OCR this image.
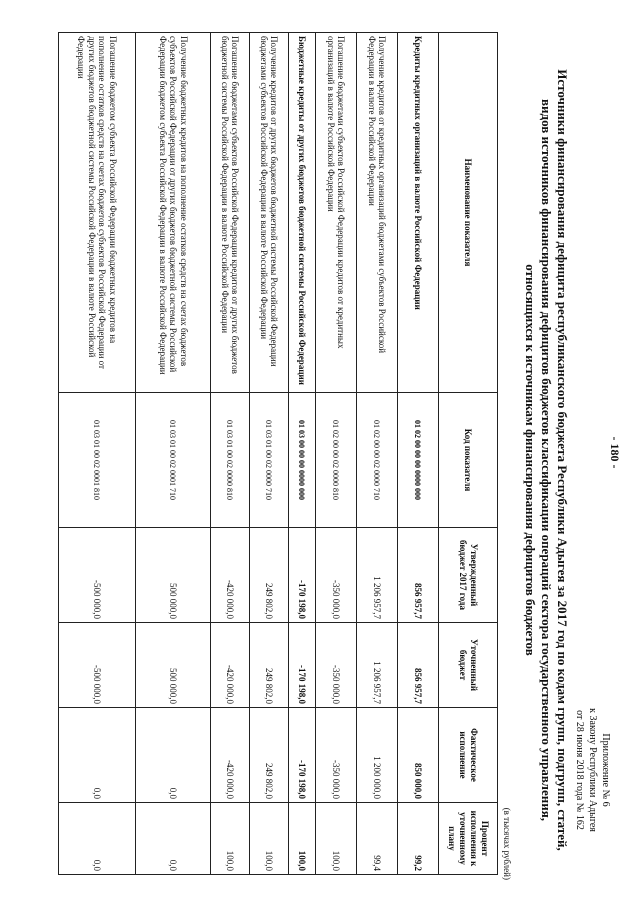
- 180 -
Приложение № 6
к Закону Республики Адыгея
от 28 июня 2018 года № 162
Источники финансирования дефицита республиканского бюджета Республики Адыгея за 2017 год по кодам групп, подгрупп, статей, видов источников финансирования дефицитов бюджетов классификации операций сектора государственного управления, относящихся к источникам финансирования дефицитов бюджетов
(в тысячах рублей)
Наименование показателя	Код показателя	Утвержденный бюджет 2017 года	Уточненный бюджет	Фактическое исполнение	Процент исполнения к уточненному плану
Кредиты кредитных организаций в валюте Российской Федерации	01 02 00 00 00 0000 000	856 957,7	856 957,7	850 000,0	99,2
Получение кредитов от кредитных организаций бюджетами субъектов Российской Федерации в валюте Российской Федерации	01 02 00 00 02 0000 710	1 206 957,7	1 206 957,7	1 200 000,0	99,4
Погашение бюджетами субъектов Российской Федерации кредитов от кредитных организаций в валюте Российской Федерации	01 02 00 00 02 0000 810	-350 000,0	-350 000,0	-350 000,0	100,0
Бюджетные кредиты от других бюджетов бюджетной системы Российской Федерации	01 03 00 00 00 0000 000	-170 198,0	-170 198,0	-170 198,0	100,0
Получение кредитов от других бюджетов бюджетной системы Российской Федерации бюджетами субъектов Российской Федерации в валюте Российской Федерации	01 03 01 00 02 0000 710	249 802,0	249 802,0	249 802,0	100,0
Погашение бюджетами субъектов Российской Федерации кредитов от других бюджетов бюджетной системы Российской Федерации в валюте Российской Федерации	01 03 01 00 02 0000 810	-420 000,0	-420 000,0	-420 000,0	100,0
Получение бюджетных кредитов на пополнение остатков средств на счетах бюджетов субъектов Российской Федерации от других бюджетов бюджетной системы Российской Федерации бюджетом субъекта Российской Федерации в валюте Российской Федерации	01 03 01 00 02 0001 710	500 000,0	500 000,0	0,0	0,0
Погашение бюджетом субъекта Российской Федерации бюджетных кредитов на пополнение остатков средств на счетах бюджетов субъектов Российской Федерации от других бюджетов бюджетной системы Российской Федерации в валюте Российской Федерации	01 03 01 00 02 0001 810	-500 000,0	-500 000,0	0,0	0,0
